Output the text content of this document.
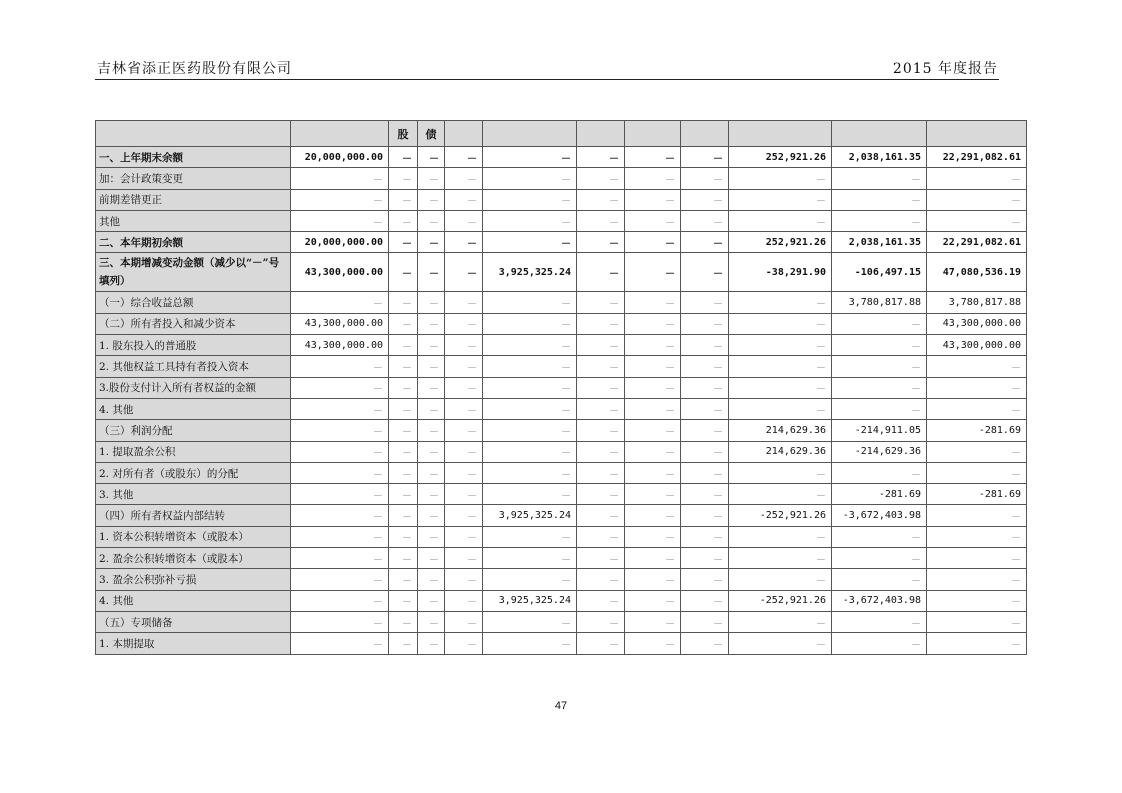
吉林省添正医药股份有限公司	2015 年度报告
		股	债								
一、上年期末余额	20,000,000.00	－	－	－	－	－	－	－	252,921.26	2,038,161.35	22,291,082.61
加：会计政策变更	－	－	－	－	－	－	－	－	－	－	－
前期差错更正	－	－	－	－	－	－	－	－	－	－	－
其他	－	－	－	－	－	－	－	－	－	－	－
二、本年期初余额	20,000,000.00	－	－	－	－	－	－	－	252,921.26	2,038,161.35	22,291,082.61
三、本期增减变动金额（减少以“－”号填列）	43,300,000.00	－	－	－	3,925,325.24	－	－	－	-38,291.90	-106,497.15	47,080,536.19
（一）综合收益总额	－	－	－	－	－	－	－	－	－	3,780,817.88	3,780,817.88
（二）所有者投入和减少资本	43,300,000.00	－	－	－	－	－	－	－	－	－	43,300,000.00
1. 股东投入的普通股	43,300,000.00	－	－	－	－	－	－	－	－	－	43,300,000.00
2. 其他权益工具持有者投入资本	－	－	－	－	－	－	－	－	－	－	－
3.股份支付计入所有者权益的金额	－	－	－	－	－	－	－	－	－	－	－
4. 其他	－	－	－	－	－	－	－	－	－	－	－
（三）利润分配	－	－	－	－	－	－	－	－	214,629.36	-214,911.05	-281.69
1. 提取盈余公积	－	－	－	－	－	－	－	－	214,629.36	-214,629.36	－
2. 对所有者（或股东）的分配	－	－	－	－	－	－	－	－	－	－	－
3. 其他	－	－	－	－	－	－	－	－	－	-281.69	-281.69
（四）所有者权益内部结转	－	－	－	－	3,925,325.24	－	－	－	-252,921.26	-3,672,403.98	－
1. 资本公积转增资本（或股本）	－	－	－	－	－	－	－	－	－	－	－
2. 盈余公积转增资本（或股本）	－	－	－	－	－	－	－	－	－	－	－
3. 盈余公积弥补亏损	－	－	－	－	－	－	－	－	－	－	－
4. 其他	－	－	－	－	3,925,325.24	－	－	－	-252,921.26	-3,672,403.98	－
（五）专项储备	－	－	－	－	－	－	－	－	－	－	－
1. 本期提取	－	－	－	－	－	－	－	－	－	－	－
47
